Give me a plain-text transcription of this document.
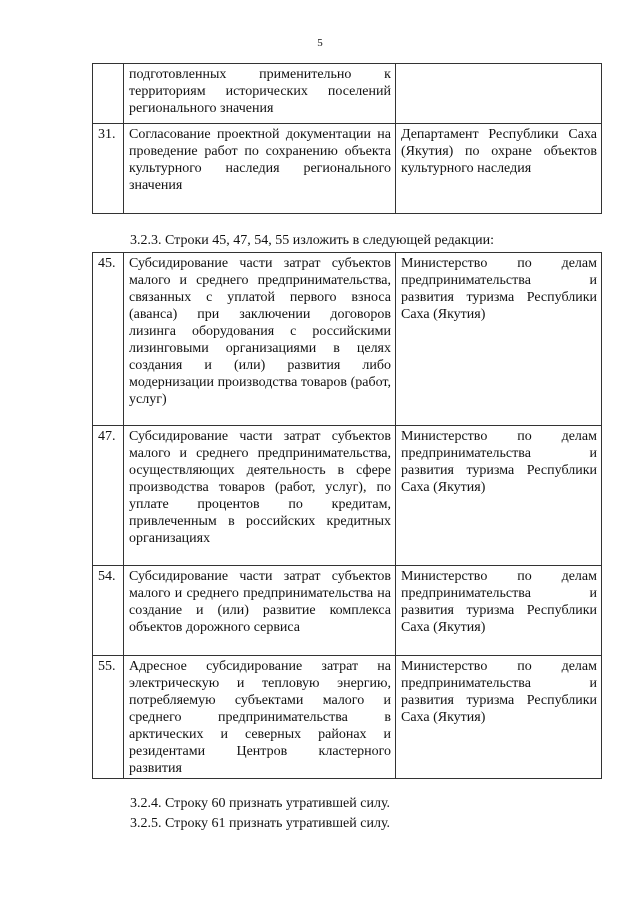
5
	подготовленных применительно к территориям исторических поселений регионального значения	
31.	Согласование проектной документации на проведение работ по сохранению объекта культурного наследия регионального значения	Департамент Республики Саха (Якутия) по охране объектов культурного наследия
3.2.3. Строки 45, 47, 54, 55 изложить в следующей редакции:
45.	Субсидирование части затрат субъектов малого и среднего предпринимательства, связанных с уплатой первого взноса (аванса) при заключении договоров лизинга оборудования с российскими лизинговыми организациями в целях создания и (или) развития либо модернизации производства товаров (работ, услуг)	Министерство по делам предпринимательства и развития туризма Республики Саха (Якутия)
47.	Субсидирование части затрат субъектов малого и среднего предпринимательства, осуществляющих деятельность в сфере производства товаров (работ, услуг), по уплате процентов по кредитам, привлеченным в российских кредитных организациях	Министерство по делам предпринимательства и развития туризма Республики Саха (Якутия)
54.	Субсидирование части затрат субъектов малого и среднего предпринимательства на создание и (или) развитие комплекса объектов дорожного сервиса	Министерство по делам предпринимательства и развития туризма Республики Саха (Якутия)
55.	Адресное субсидирование затрат на электрическую и тепловую энергию, потребляемую субъектами малого и среднего предпринимательства в арктических и северных районах и резидентами Центров кластерного развития	Министерство по делам предпринимательства и развития туризма Республики Саха (Якутия)
3.2.4. Строку 60 признать утратившей силу.
3.2.5. Строку 61 признать утратившей силу.
